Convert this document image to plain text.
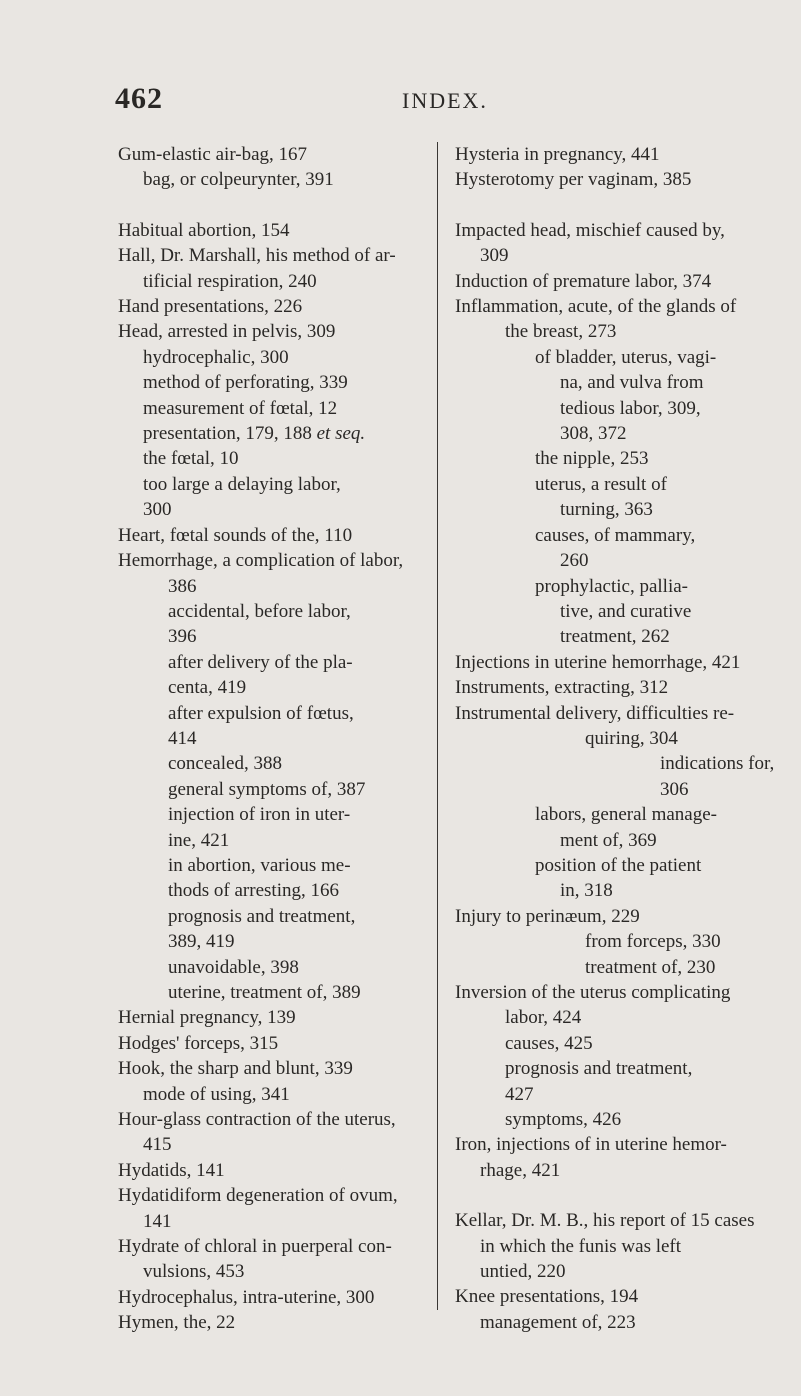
462	INDEX.
Gum-elastic air-bag, 167
bag, or colpeurynter, 391
Habitual abortion, 154
Hall, Dr. Marshall, his method of ar-
tificial respiration, 240
Hand presentations, 226
Head, arrested in pelvis, 309
hydrocephalic, 300
method of perforating, 339
measurement of fœtal, 12
presentation, 179, 188 et seq.
the fœtal, 10
too large a delaying labor,
300
Heart, fœtal sounds of the, 110
Hemorrhage, a complication of labor,
386
accidental, before labor,
396
after delivery of the pla-
centa, 419
after expulsion of fœtus,
414
concealed, 388
general symptoms of, 387
injection of iron in uter-
ine, 421
in abortion, various me-
thods of arresting, 166
prognosis and treatment,
389, 419
unavoidable, 398
uterine, treatment of, 389
Hernial pregnancy, 139
Hodges' forceps, 315
Hook, the sharp and blunt, 339
mode of using, 341
Hour-glass contraction of the uterus,
415
Hydatids, 141
Hydatidiform degeneration of ovum,
141
Hydrate of chloral in puerperal con-
vulsions, 453
Hydrocephalus, intra-uterine, 300
Hymen, the, 22
Hysteria in pregnancy, 441
Hysterotomy per vaginam, 385
Impacted head, mischief caused by,
309
Induction of premature labor, 374
Inflammation, acute, of the glands of
the breast, 273
of bladder, uterus, vagi-
na, and vulva from
tedious labor, 309,
308, 372
the nipple, 253
uterus, a result of
turning, 363
causes, of mammary,
260
prophylactic, pallia-
tive, and curative
treatment, 262
Injections in uterine hemorrhage, 421
Instruments, extracting, 312
Instrumental delivery, difficulties re-
quiring, 304
indications for,
306
labors, general manage-
ment of, 369
position of the patient
in, 318
Injury to perinæum, 229
from forceps, 330
treatment of, 230
Inversion of the uterus complicating
labor, 424
causes, 425
prognosis and treatment,
427
symptoms, 426
Iron, injections of in uterine hemor-
rhage, 421
Kellar, Dr. M. B., his report of 15 cases
in which the funis was left
untied, 220
Knee presentations, 194
management of, 223
